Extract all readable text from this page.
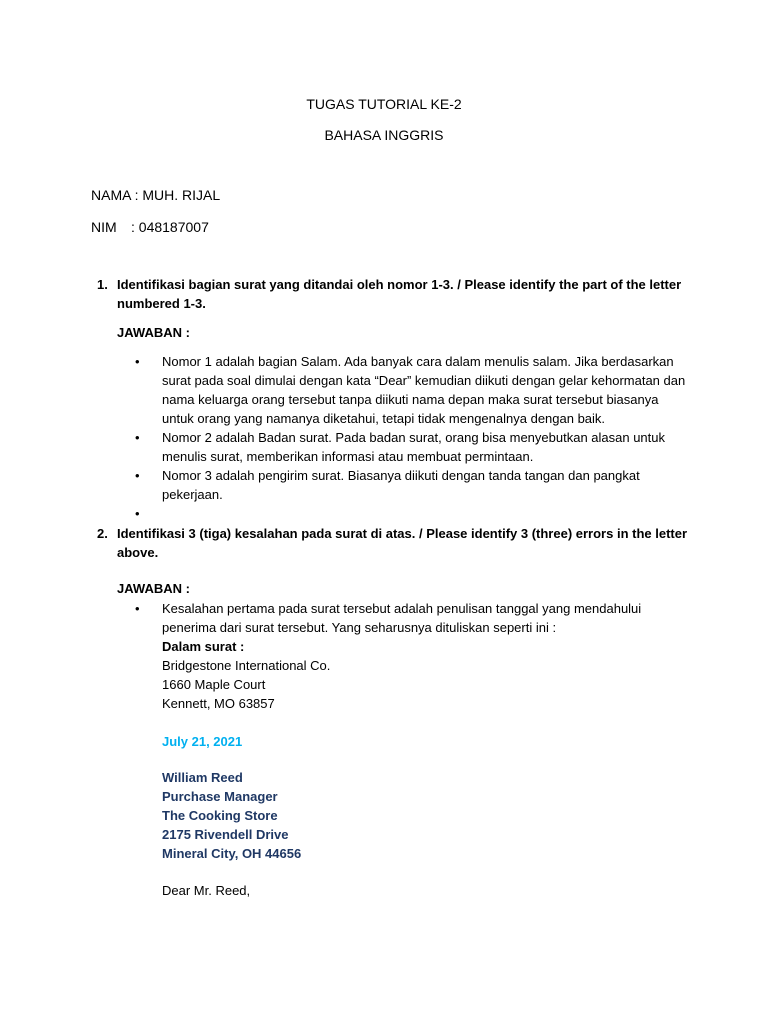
TUGAS TUTORIAL KE-2
BAHASA INGGRIS
NAMA : MUH. RIJAL
NIM : 048187007
1. Identifikasi bagian surat yang ditandai oleh nomor 1-3. / Please identify the part of the letter
numbered 1-3.
JAWABAN :
• Nomor 1 adalah bagian Salam. Ada banyak cara dalam menulis salam. Jika berdasarkan
surat pada soal dimulai dengan kata “Dear” kemudian diikuti dengan gelar kehormatan dan
nama keluarga orang tersebut tanpa diikuti nama depan maka surat tersebut biasanya
untuk orang yang namanya diketahui, tetapi tidak mengenalnya dengan baik.
• Nomor 2 adalah Badan surat. Pada badan surat, orang bisa menyebutkan alasan untuk
menulis surat, memberikan informasi atau membuat permintaan.
• Nomor 3 adalah pengirim surat. Biasanya diikuti dengan tanda tangan dan pangkat
pekerjaan.
•
2. Identifikasi 3 (tiga) kesalahan pada surat di atas. / Please identify 3 (three) errors in the letter
above.
JAWABAN :
• Kesalahan pertama pada surat tersebut adalah penulisan tanggal yang mendahului
penerima dari surat tersebut. Yang seharusnya dituliskan seperti ini :
Dalam surat :
Bridgestone International Co.
1660 Maple Court
Kennett, MO 63857
July 21, 2021
William Reed
Purchase Manager
The Cooking Store
2175 Rivendell Drive
Mineral City, OH 44656
Dear Mr. Reed,
